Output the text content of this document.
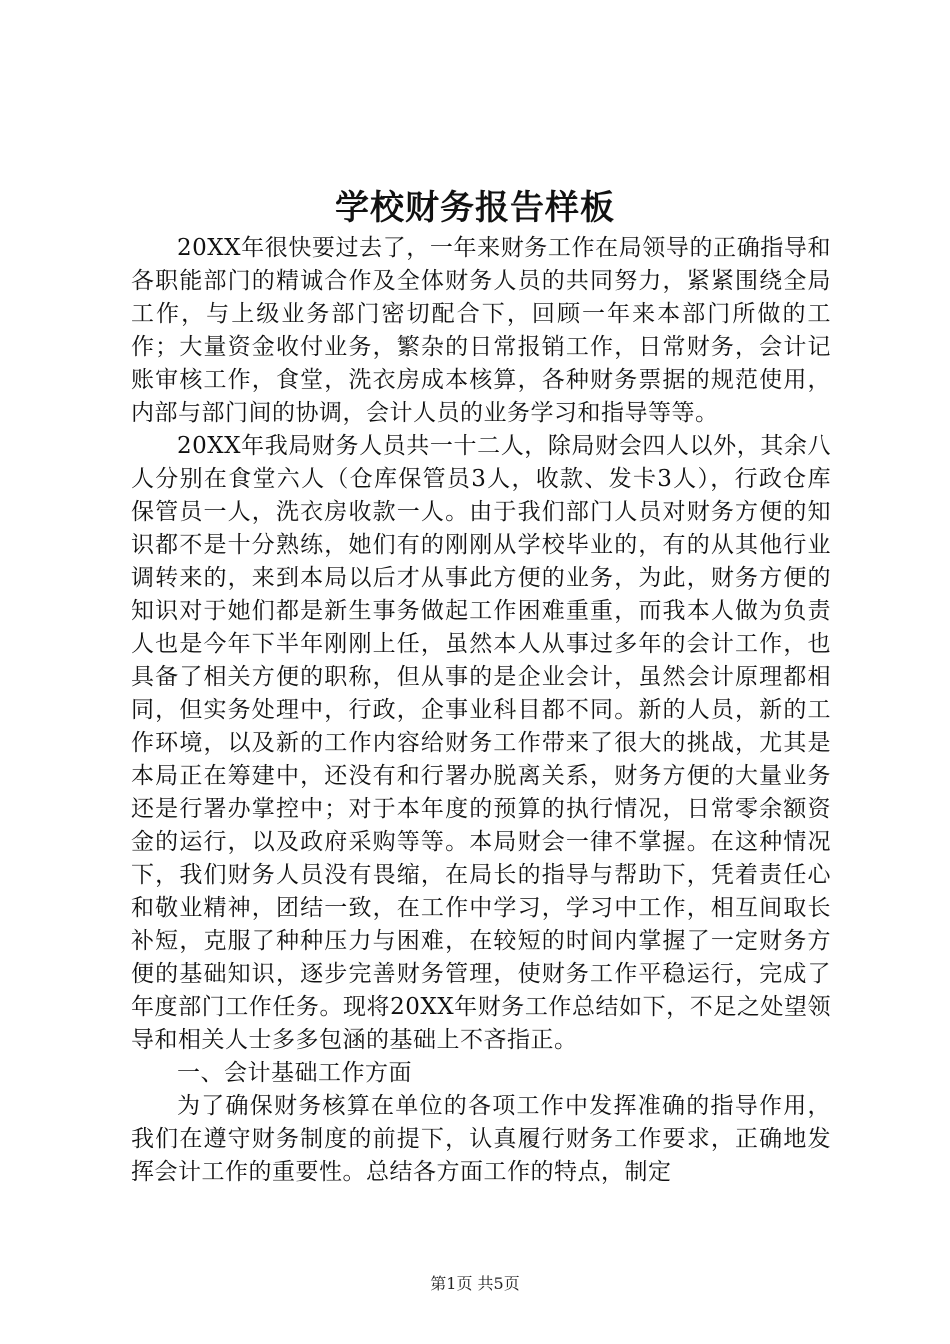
学校财务报告样板

20XX年很快要过去了，一年来财务工作在局领导的正确指导和各职能部门的精诚合作及全体财务人员的共同努力，紧紧围绕全局工作，与上级业务部门密切配合下，回顾一年来本部门所做的工作；大量资金收付业务，繁杂的日常报销工作，日常财务，会计记账审核工作，食堂，洗衣房成本核算，各种财务票据的规范使用，内部与部门间的协调，会计人员的业务学习和指导等等。

20XX年我局财务人员共一十二人，除局财会四人以外，其余八人分别在食堂六人（仓库保管员3人，收款、发卡3人），行政仓库保管员一人，洗衣房收款一人。由于我们部门人员对财务方便的知识都不是十分熟练，她们有的刚刚从学校毕业的，有的从其他行业调转来的，来到本局以后才从事此方便的业务，为此，财务方便的知识对于她们都是新生事务做起工作困难重重，而我本人做为负责人也是今年下半年刚刚上任，虽然本人从事过多年的会计工作，也具备了相关方便的职称，但从事的是企业会计，虽然会计原理都相同，但实务处理中，行政，企事业科目都不同。新的人员，新的工作环境，以及新的工作内容给财务工作带来了很大的挑战，尤其是本局正在筹建中，还没有和行署办脱离关系，财务方便的大量业务还是行署办掌控中；对于本年度的预算的执行情况，日常零余额资金的运行，以及政府采购等等。本局财会一律不掌握。在这种情况下，我们财务人员没有畏缩，在局长的指导与帮助下，凭着责任心和敬业精神，团结一致，在工作中学习，学习中工作，相互间取长补短，克服了种种压力与困难，在较短的时间内掌握了一定财务方便的基础知识，逐步完善财务管理，使财务工作平稳运行，完成了年度部门工作任务。现将20XX年财务工作总结如下，不足之处望领导和相关人士多多包涵的基础上不吝指正。

一、会计基础工作方面

为了确保财务核算在单位的各项工作中发挥准确的指导作用，我们在遵守财务制度的前提下，认真履行财务工作要求，正确地发挥会计工作的重要性。总结各方面工作的特点，制定

第1页 共5页
